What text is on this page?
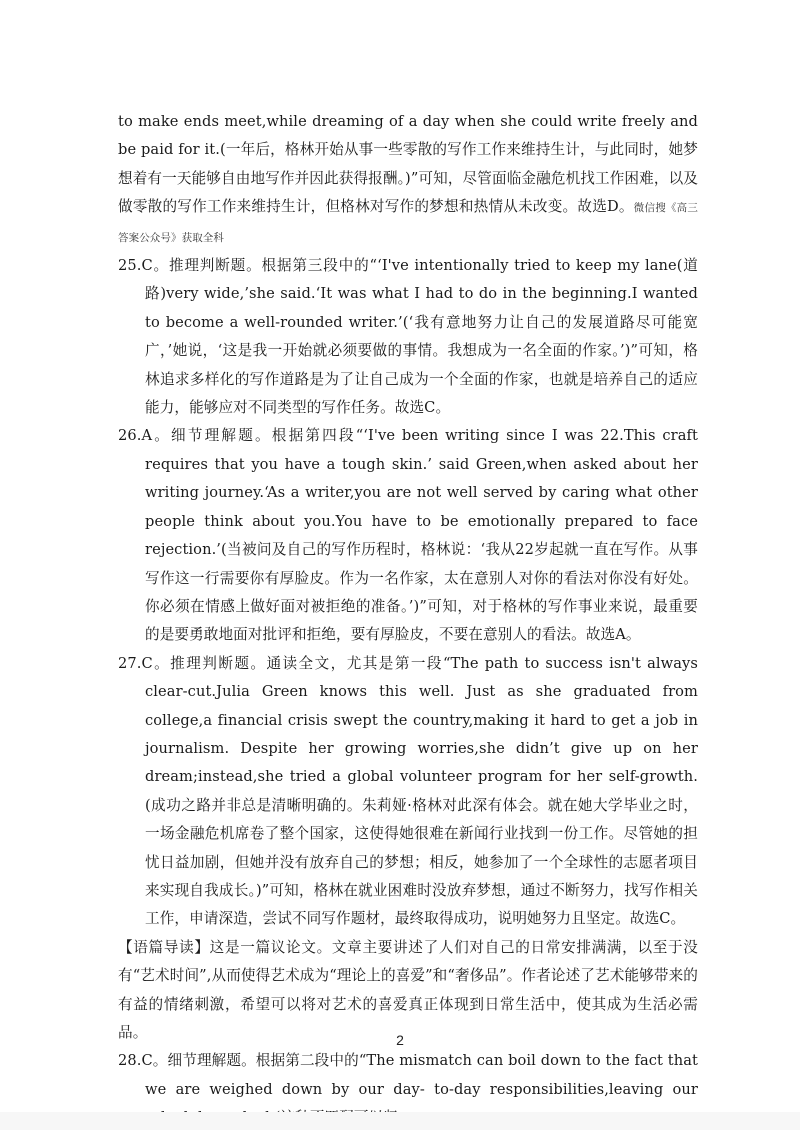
to make ends meet,while dreaming of a day when she could write freely and be paid for it.(一年后，格林开始从事一些零散的写作工作来维持生计，与此同时，她梦想着有一天能够自由地写作并因此获得报酬。)”可知，尽管面临金融危机找工作困难，以及做零散的写作工作来维持生计，但格林对写作的梦想和热情从未改变。故选D。微信搜《高三答案公众号》获取全科

25.C。推理判断题。根据第三段中的“‘I've intentionally tried to keep my lane(道路)very wide,’she said.‘It was what I had to do in the beginning.I wanted to become a well-rounded writer.’(‘我有意地努力让自己的发展道路尽可能宽广，’她说，‘这是我一开始就必须要做的事情。我想成为一名全面的作家。’)”可知，格林追求多样化的写作道路是为了让自己成为一个全面的作家，也就是培养自己的适应能力，能够应对不同类型的写作任务。故选C。

26.A。细节理解题。根据第四段“‘I've been writing since I was 22.This craft requires that you have a tough skin.’ said Green,when asked about her writing journey.‘As a writer,you are not well served by caring what other people think about you.You have to be emotionally prepared to face rejection.’(当被问及自己的写作历程时，格林说：‘我从22岁起就一直在写作。从事写作这一行需要你有厚脸皮。作为一名作家，太在意别人对你的看法对你没有好处。你必须在情感上做好面对被拒绝的准备。’)”可知，对于格林的写作事业来说，最重要的是要勇敢地面对批评和拒绝，要有厚脸皮，不要在意别人的看法。故选A。

27.C。推理判断题。通读全文，尤其是第一段“The path to success isn't always clear-cut.Julia Green knows this well. Just as she graduated from college,a financial crisis swept the country,making it hard to get a job in journalism. Despite her growing worries,she didn’t give up on her dream;instead,she tried a global volunteer program for her self-growth.(成功之路并非总是清晰明确的。朱莉娅·格林对此深有体会。就在她大学毕业之时，一场金融危机席卷了整个国家，这使得她很难在新闻行业找到一份工作。尽管她的担忧日益加剧，但她并没有放弃自己的梦想；相反，她参加了一个全球性的志愿者项目来实现自我成长。)”可知，格林在就业困难时没放弃梦想，通过不断努力，找写作相关工作，申请深造，尝试不同写作题材，最终取得成功，说明她努力且坚定。故选C。

【语篇导读】这是一篇议论文。文章主要讲述了人们对自己的日常安排满满，以至于没有“艺术时间”,从而使得艺术成为“理论上的喜爱”和“奢侈品”。作者论述了艺术能够带来的有益的情绪刺激，希望可以将对艺术的喜爱真正体现到日常生活中，使其成为生活必需品。

28.C。细节理解题。根据第二段中的“The mismatch can boil down to the fact that we are weighed down by our day- to-day responsibilities,leaving our

2
